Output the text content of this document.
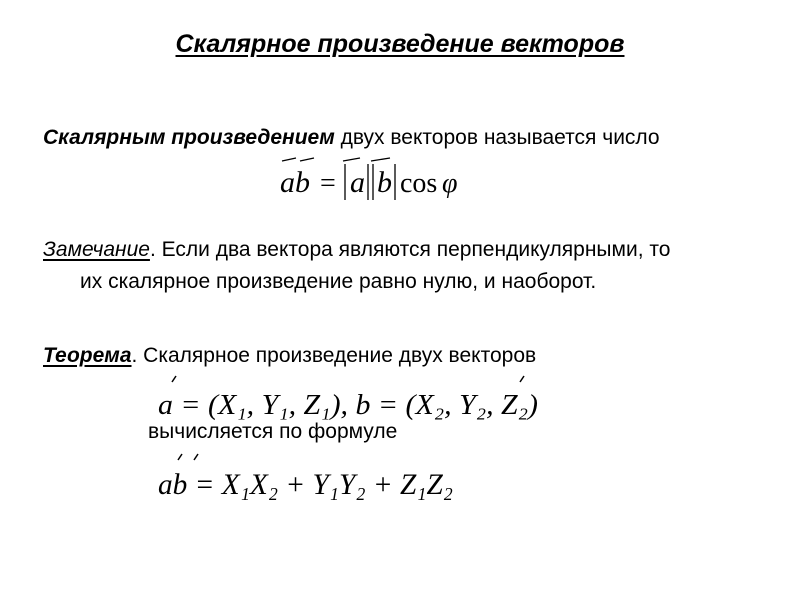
Скалярное произведение векторов
Скалярным произведением двух векторов называется число
ab = a b cos φ
Замечание. Если два вектора являются перпендикулярными, то
их скалярное произведение равно нулю, и наоборот.
Теорема. Скалярное произведение двух векторов
a = (X₁, Y₁, Z₁), b = (X₂, Y₂, Z₂)
вычисляется по формуле
ab = X₁X₂ + Y₁Y₂ + Z₁Z₂
